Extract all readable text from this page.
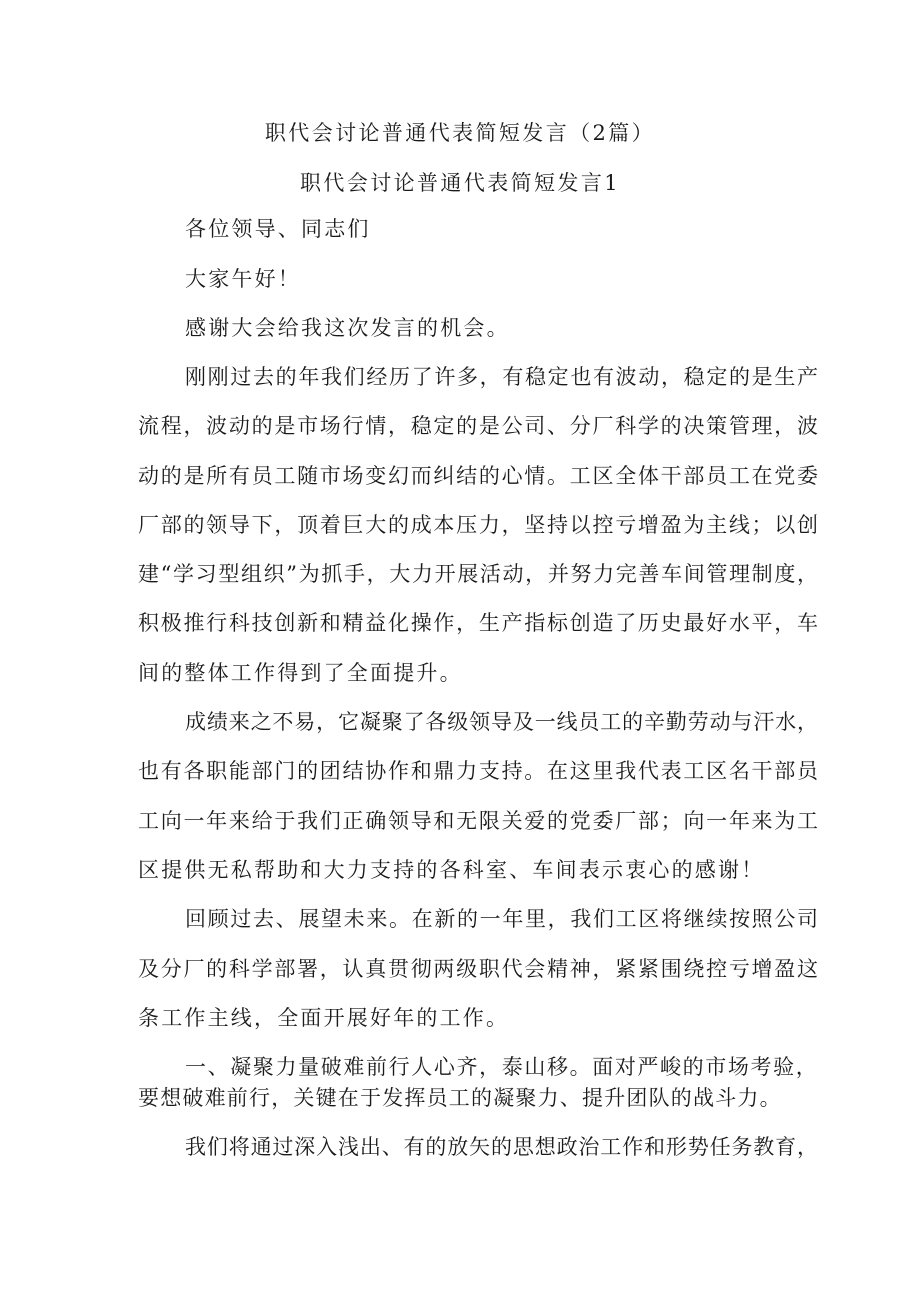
职代会讨论普通代表简短发言（2篇）

职代会讨论普通代表简短发言1

各位领导、同志们

大家午好！

感谢大会给我这次发言的机会。

刚刚过去的年我们经历了许多，有稳定也有波动，稳定的是生产

流程，波动的是市场行情，稳定的是公司、分厂科学的决策管理，波

动的是所有员工随市场变幻而纠结的心情。工区全体干部员工在党委

厂部的领导下，顶着巨大的成本压力，坚持以控亏增盈为主线；以创

建“学习型组织”为抓手，大力开展活动，并努力完善车间管理制度，

积极推行科技创新和精益化操作，生产指标创造了历史最好水平，车

间的整体工作得到了全面提升。

成绩来之不易，它凝聚了各级领导及一线员工的辛勤劳动与汗水，

也有各职能部门的团结协作和鼎力支持。在这里我代表工区名干部员

工向一年来给于我们正确领导和无限关爱的党委厂部；向一年来为工

区提供无私帮助和大力支持的各科室、车间表示衷心的感谢！

回顾过去、展望未来。在新的一年里，我们工区将继续按照公司

及分厂的科学部署，认真贯彻两级职代会精神，紧紧围绕控亏增盈这

条工作主线，全面开展好年的工作。

一、凝聚力量破难前行人心齐，泰山移。面对严峻的市场考验，

要想破难前行，关键在于发挥员工的凝聚力、提升团队的战斗力。

我们将通过深入浅出、有的放矢的思想政治工作和形势任务教育，
